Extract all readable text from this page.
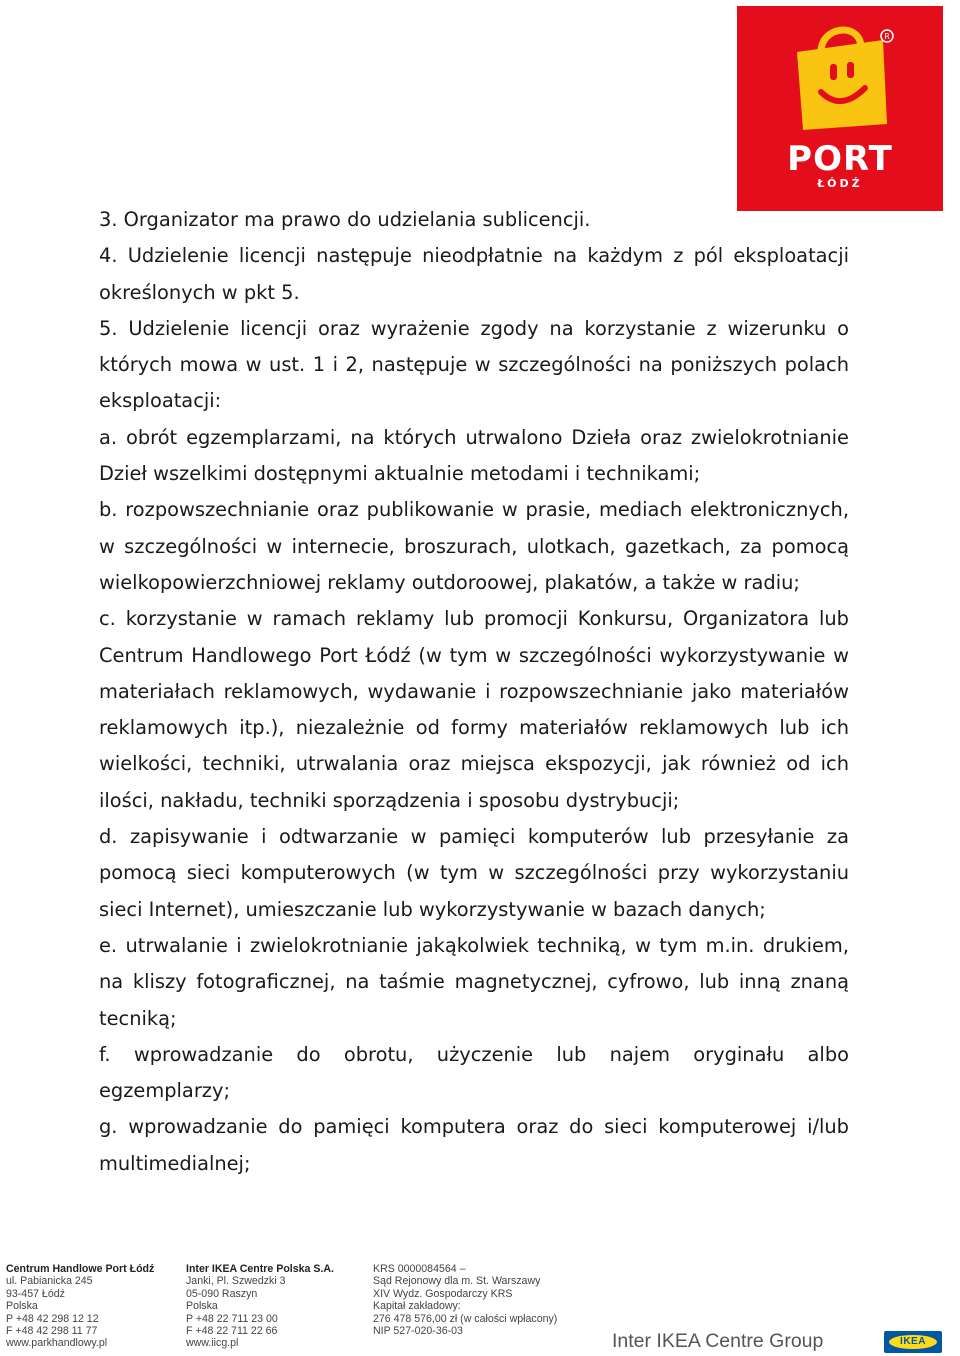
R
PORT
ŁÓDŹ

3. Organizator ma prawo do udzielania sublicencji.

4. Udzielenie licencji następuje nieodpłatnie na każdym z pól eksploatacji określonych w pkt 5.

5. Udzielenie licencji oraz wyrażenie zgody na korzystanie z wizerunku o których mowa w ust. 1 i 2, następuje w szczególności na poniższych polach eksploatacji:

a. obrót egzemplarzami, na których utrwalono Dzieła oraz zwielokrotnianie Dzieł wszelkimi dostępnymi aktualnie metodami i technikami;

b. rozpowszechnianie oraz publikowanie w prasie, mediach elektronicznych, w szczególności w internecie, broszurach, ulotkach, gazetkach, za pomocą wielkopowierzchniowej reklamy outdoroowej, plakatów, a także w radiu;

c. korzystanie w ramach reklamy lub promocji Konkursu, Organizatora lub Centrum Handlowego Port Łódź (w tym w szczególności wykorzystywanie w materiałach reklamowych, wydawanie i rozpowszechnianie jako materiałów reklamowych itp.), niezależnie od formy materiałów reklamowych lub ich wielkości, techniki, utrwalania oraz miejsca ekspozycji, jak również od ich ilości, nakładu, techniki sporządzenia i sposobu dystrybucji;

d. zapisywanie i odtwarzanie w pamięci komputerów lub przesyłanie za pomocą sieci komputerowych (w tym w szczególności przy wykorzystaniu sieci Internet), umieszczanie lub wykorzystywanie w bazach danych;

e. utrwalanie i zwielokrotnianie jakąkolwiek techniką, w tym m.in. drukiem, na kliszy fotograficznej, na taśmie magnetycznej, cyfrowo, lub inną znaną tecniką;

f. wprowadzanie do obrotu, użyczenie lub najem oryginału albo egzemplarzy;

g. wprowadzanie do pamięci komputera oraz do sieci komputerowej i/lub multimedialnej;

Centrum Handlowe Port Łódź
ul. Pabianicka 245
93-457 Łódź
Polska
P +48 42 298 12 12
F +48 42 298 11 77
www.parkhandlowy.pl
Inter IKEA Centre Polska S.A.
Janki, Pl. Szwedzki 3
05-090 Raszyn
Polska
P +48 22 711 23 00
F +48 22 711 22 66
www.iicg.pl
KRS 0000084564 –
Sąd Rejonowy dla m. St. Warszawy
XIV Wydz. Gospodarczy KRS
Kapitał zakładowy:
276 478 576,00 zł (w całości wpłacony)
NIP 527-020-36-03	Inter IKEA Centre Group	IKEA
